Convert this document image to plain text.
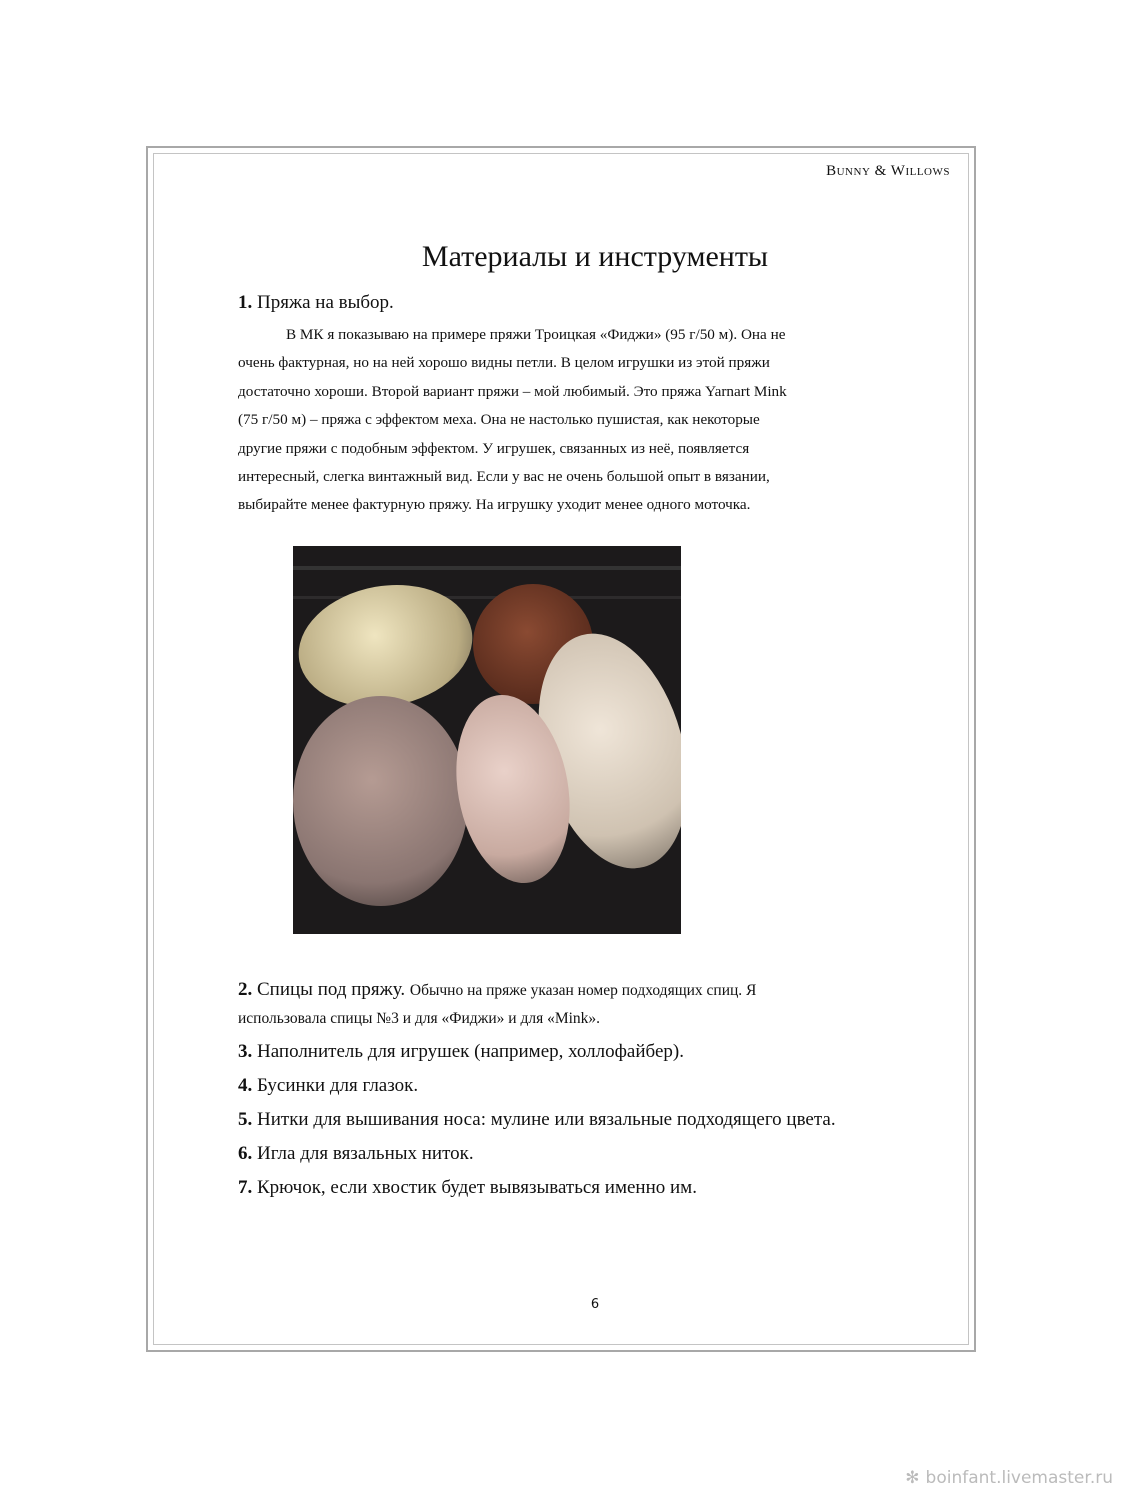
Bunny & Willows
Материалы и инструменты
1. Пряжа на выбор.

В МК я показываю на примере пряжи Троицкая «Фиджи» (95 г/50 м). Она не

очень фактурная, но на ней хорошо видны петли. В целом игрушки из этой пряжи

достаточно хороши. Второй вариант пряжи – мой любимый. Это пряжа Yarnart Mink

(75 г/50 м) – пряжа с эффектом меха. Она не настолько пушистая, как некоторые

другие пряжи с подобным эффектом. У игрушек, связанных из неё, появляется

интересный, слегка винтажный вид. Если у вас не очень большой опыт в вязании,

выбирайте менее фактурную пряжу. На игрушку уходит менее одного моточка.

2. Спицы под пряжу. Обычно на пряже указан номер подходящих спиц. Я
использовала спицы №3 и для «Фиджи» и для «Mink».
3. Наполнитель для игрушек (например, холлофайбер).
4. Бусинки для глазок.
5. Нитки для вышивания носа: мулине или вязальные подходящего цвета.
6. Игла для вязальных ниток.
7. Крючок, если хвостик будет вывязываться именно им.
6
✻ boinfant.livemaster.ru
